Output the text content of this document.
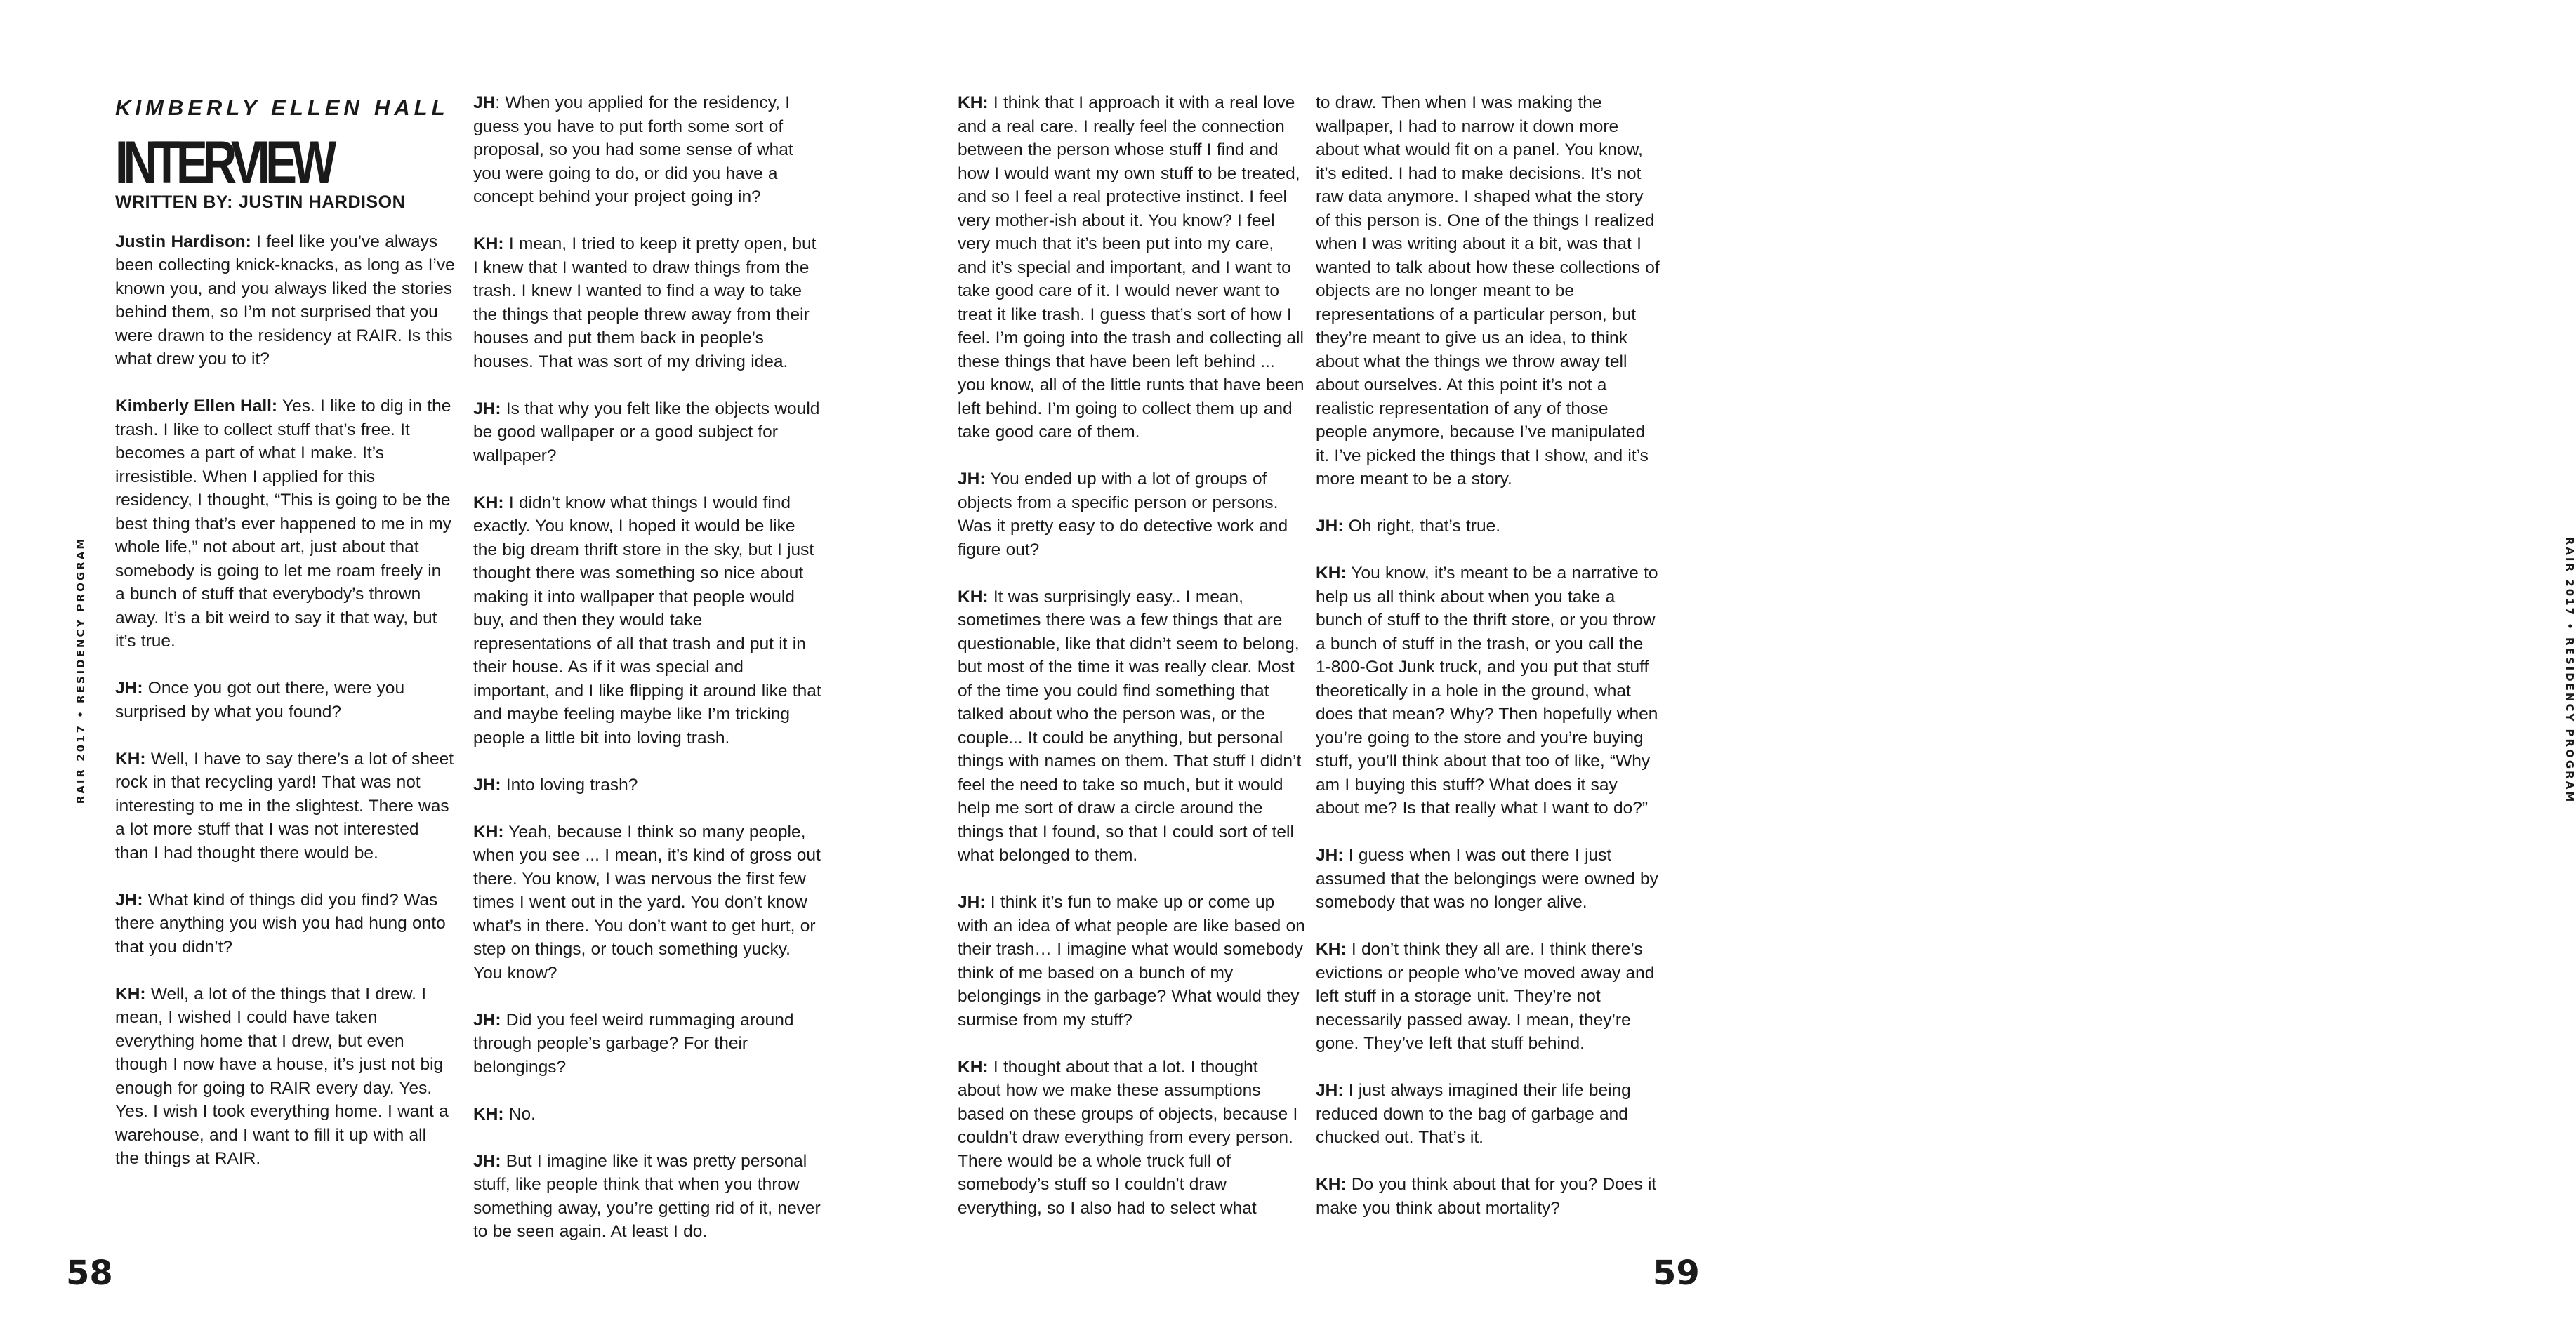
RAIR 2017 • RESIDENCY PROGRAM
KIMBERLY ELLEN HALL
INTERVIEW
WRITTEN BY: JUSTIN HARDISON

Justin Hardison: I feel like you’ve always been collecting knick-knacks, as long as I’ve known you, and you always liked the stories behind them, so I’m not surprised that you were drawn to the residency at RAIR. Is this what drew you to it?

Kimberly Ellen Hall: Yes. I like to dig in the trash. I like to collect stuff that’s free. It becomes a part of what I make. It’s irresistible. When I applied for this residency, I thought, “This is going to be the best thing that’s ever happened to me in my whole life,” not about art, just about that somebody is going to let me roam freely in a bunch of stuff that everybody’s thrown away. It’s a bit weird to say it that way, but it’s true.

JH: Once you got out there, were you surprised by what you found?

KH: Well, I have to say there’s a lot of sheet rock in that recycling yard! That was not interesting to me in the slightest. There was a lot more stuff that I was not interested than I had thought there would be.

JH: What kind of things did you find? Was there anything you wish you had hung onto that you didn’t?

KH: Well, a lot of the things that I drew. I mean, I wished I could have taken everything home that I drew, but even though I now have a house, it’s just not big enough for going to RAIR every day. Yes. Yes. I wish I took everything home. I want a warehouse, and I want to fill it up with all the things at RAIR.

JH: When you applied for the residency, I guess you have to put forth some sort of proposal, so you had some sense of what you were going to do, or did you have a concept behind your project going in?

KH: I mean, I tried to keep it pretty open, but I knew that I wanted to draw things from the trash. I knew I wanted to find a way to take the things that people threw away from their houses and put them back in people’s houses. That was sort of my driving idea.

JH: Is that why you felt like the objects would be good wallpaper or a good subject for wallpaper?

KH: I didn’t know what things I would find exactly. You know, I hoped it would be like the big dream thrift store in the sky, but I just thought there was something so nice about making it into wallpaper that people would buy, and then they would take representations of all that trash and put it in their house. As if it was special and important, and I like flipping it around like that and maybe feeling maybe like I’m tricking people a little bit into loving trash.

JH: Into loving trash?

KH: Yeah, because I think so many people, when you see ... I mean, it’s kind of gross out there. You know, I was nervous the first few times I went out in the yard. You don’t know what’s in there. You don’t want to get hurt, or step on things, or touch something yucky. You know?

JH: Did you feel weird rummaging around through people’s garbage? For their belongings?

KH: No.

JH: But I imagine like it was pretty personal stuff, like people think that when you throw something away, you’re getting rid of it, never to be seen again. At least I do.

58

KH: I think that I approach it with a real love and a real care. I really feel the connection between the person whose stuff I find and how I would want my own stuff to be treated, and so I feel a real protective instinct. I feel very mother-ish about it. You know? I feel very much that it’s been put into my care, and it’s special and important, and I want to take good care of it. I would never want to treat it like trash. I guess that’s sort of how I feel. I’m going into the trash and collecting all these things that have been left behind ... you know, all of the little runts that have been left behind. I’m going to collect them up and take good care of them.

JH: You ended up with a lot of groups of objects from a specific person or persons. Was it pretty easy to do detective work and figure out?

KH: It was surprisingly easy.. I mean, sometimes there was a few things that are questionable, like that didn’t seem to belong, but most of the time it was really clear. Most of the time you could find something that talked about who the person was, or the couple... It could be anything, but personal things with names on them. That stuff I didn’t feel the need to take so much, but it would help me sort of draw a circle around the things that I found, so that I could sort of tell what belonged to them.

JH: I think it’s fun to make up or come up with an idea of what people are like based on their trash… I imagine what would somebody think of me based on a bunch of my belongings in the garbage? What would they surmise from my stuff?

KH: I thought about that a lot. I thought about how we make these assumptions based on these groups of objects, because I couldn’t draw everything from every person. There would be a whole truck full of somebody’s stuff so I couldn’t draw everything, so I also had to select what

to draw. Then when I was making the wallpaper, I had to narrow it down more about what would fit on a panel. You know, it’s edited. I had to make decisions. It’s not raw data anymore. I shaped what the story of this person is. One of the things I realized when I was writing about it a bit, was that I wanted to talk about how these collections of objects are no longer meant to be representations of a particular person, but they’re meant to give us an idea, to think about what the things we throw away tell about ourselves. At this point it’s not a realistic representation of any of those people anymore, because I’ve manipulated it. I’ve picked the things that I show, and it’s more meant to be a story.

JH: Oh right, that’s true.

KH: You know, it’s meant to be a narrative to help us all think about when you take a bunch of stuff to the thrift store, or you throw a bunch of stuff in the trash, or you call the 1-800-Got Junk truck, and you put that stuff theoretically in a hole in the ground, what does that mean? Why? Then hopefully when you’re going to the store and you’re buying stuff, you’ll think about that too of like, “Why am I buying this stuff? What does it say about me? Is that really what I want to do?”

JH: I guess when I was out there I just assumed that the belongings were owned by somebody that was no longer alive.

KH: I don’t think they all are. I think there’s evictions or people who’ve moved away and left stuff in a storage unit. They’re not necessarily passed away. I mean, they’re gone. They’ve left that stuff behind.

JH: I just always imagined their life being reduced down to the bag of garbage and chucked out. That’s it.

KH: Do you think about that for you? Does it make you think about mortality?

RAIR 2017 • RESIDENCY PROGRAM
59
